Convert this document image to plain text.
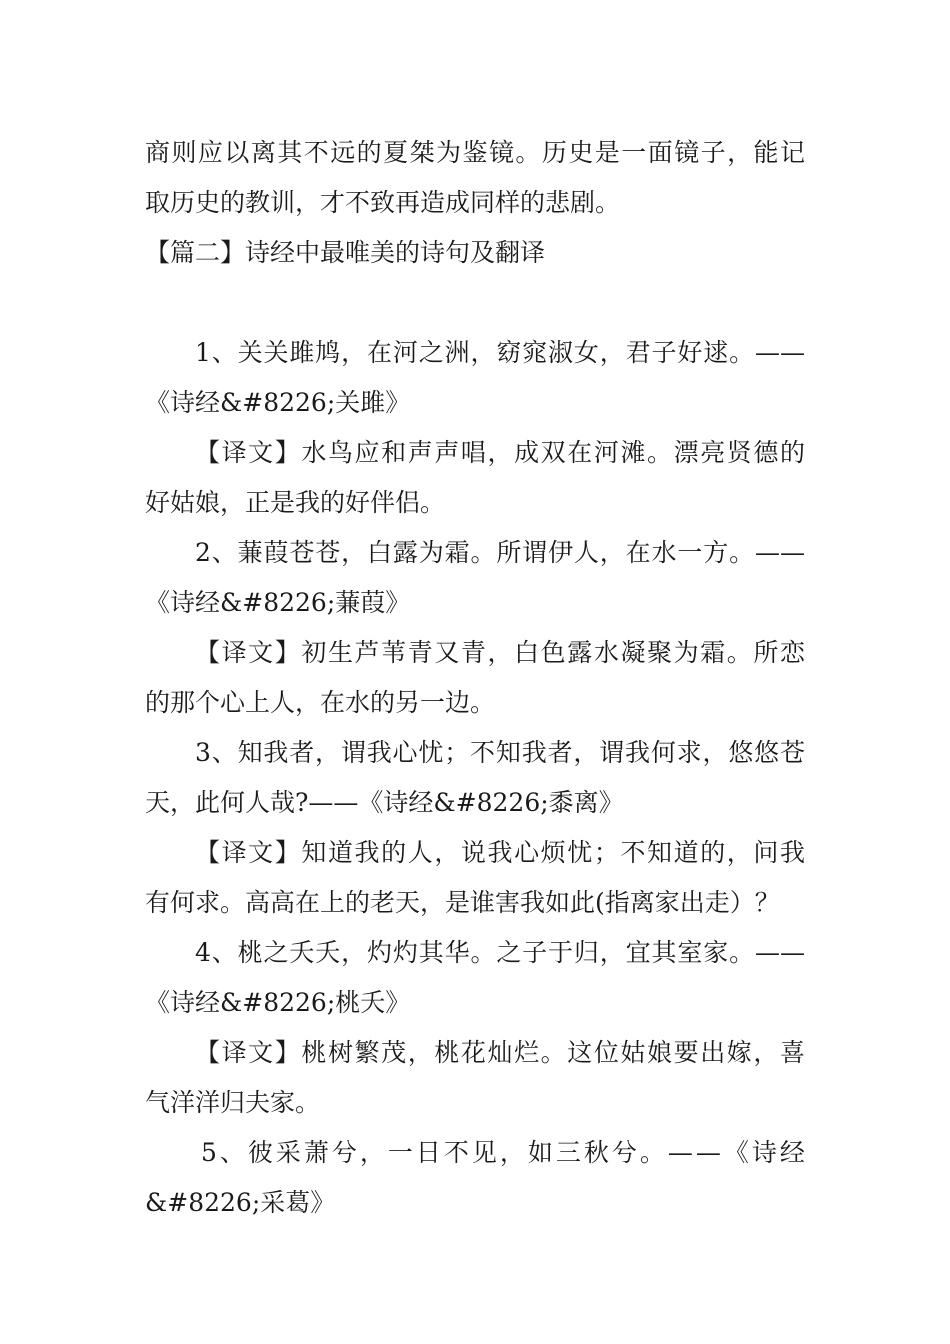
商则应以离其不远的夏桀为鉴镜。历史是一面镜子，能记
取历史的教训，才不致再造成同样的悲剧。
【篇二】诗经中最唯美的诗句及翻译
1、关关雎鸠，在河之洲，窈窕淑女，君子好逑。——
《诗经&#8226;关雎》
【译文】水鸟应和声声唱，成双在河滩。漂亮贤德的
好姑娘，正是我的好伴侣。
2、蒹葭苍苍，白露为霜。所谓伊人，在水一方。——
《诗经&#8226;蒹葭》
【译文】初生芦苇青又青，白色露水凝聚为霜。所恋
的那个心上人，在水的另一边。
3、知我者，谓我心忧；不知我者，谓我何求，悠悠苍
天，此何人哉?——《诗经&#8226;黍离》
【译文】知道我的人，说我心烦忧；不知道的，问我
有何求。高高在上的老天，是谁害我如此(指离家出走）？
4、桃之夭夭，灼灼其华。之子于归，宜其室家。——
《诗经&#8226;桃夭》
【译文】桃树繁茂，桃花灿烂。这位姑娘要出嫁，喜
气洋洋归夫家。
5、彼采萧兮，一日不见，如三秋兮。——《诗经
&#8226;采葛》
